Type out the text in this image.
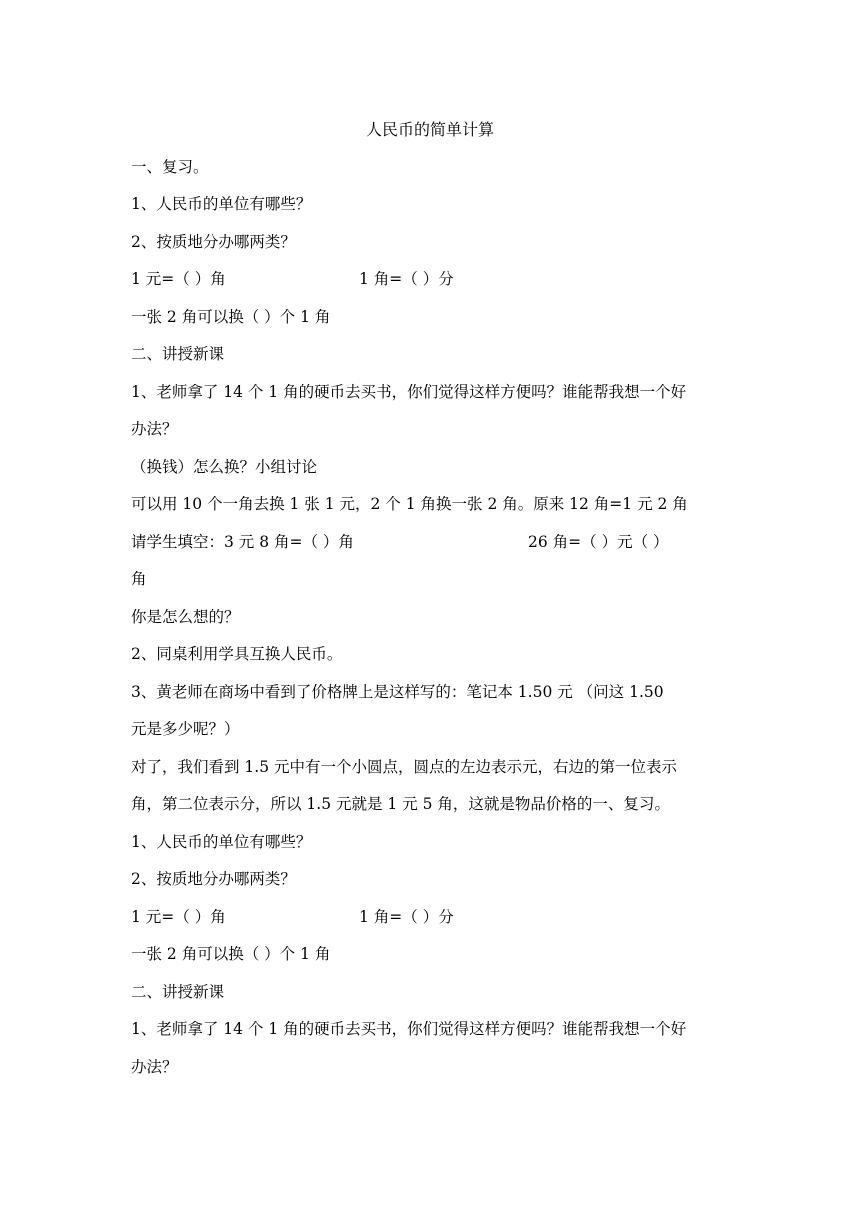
人民币的简单计算
一、复习。
1、人民币的单位有哪些？
2、按质地分办哪两类？
1 元=（ ）角	1 角=（ ）分
一张 2 角可以换（ ）个 1 角
二、讲授新课
1、老师拿了 14 个 1 角的硬币去买书，你们觉得这样方便吗？谁能帮我想一个好
办法？
（换钱）怎么换？小组讨论
可以用 10 个一角去换 1 张 1 元，2 个 1 角换一张 2 角。原来 12 角=1 元 2 角
请学生填空：3 元 8 角=（ ）角	26 角=（ ）元（ ）
角
你是怎么想的？
2、同桌利用学具互换人民币。
3、黄老师在商场中看到了价格牌上是这样写的：笔记本 1.50 元 （问这 1.50
元是多少呢？）
对了，我们看到 1.5 元中有一个小圆点，圆点的左边表示元，右边的第一位表示
角，第二位表示分，所以 1.5 元就是 1 元 5 角，这就是物品价格的一、复习。
1、人民币的单位有哪些？
2、按质地分办哪两类？
1 元=（ ）角	1 角=（ ）分
一张 2 角可以换（ ）个 1 角
二、讲授新课
1、老师拿了 14 个 1 角的硬币去买书，你们觉得这样方便吗？谁能帮我想一个好
办法？
